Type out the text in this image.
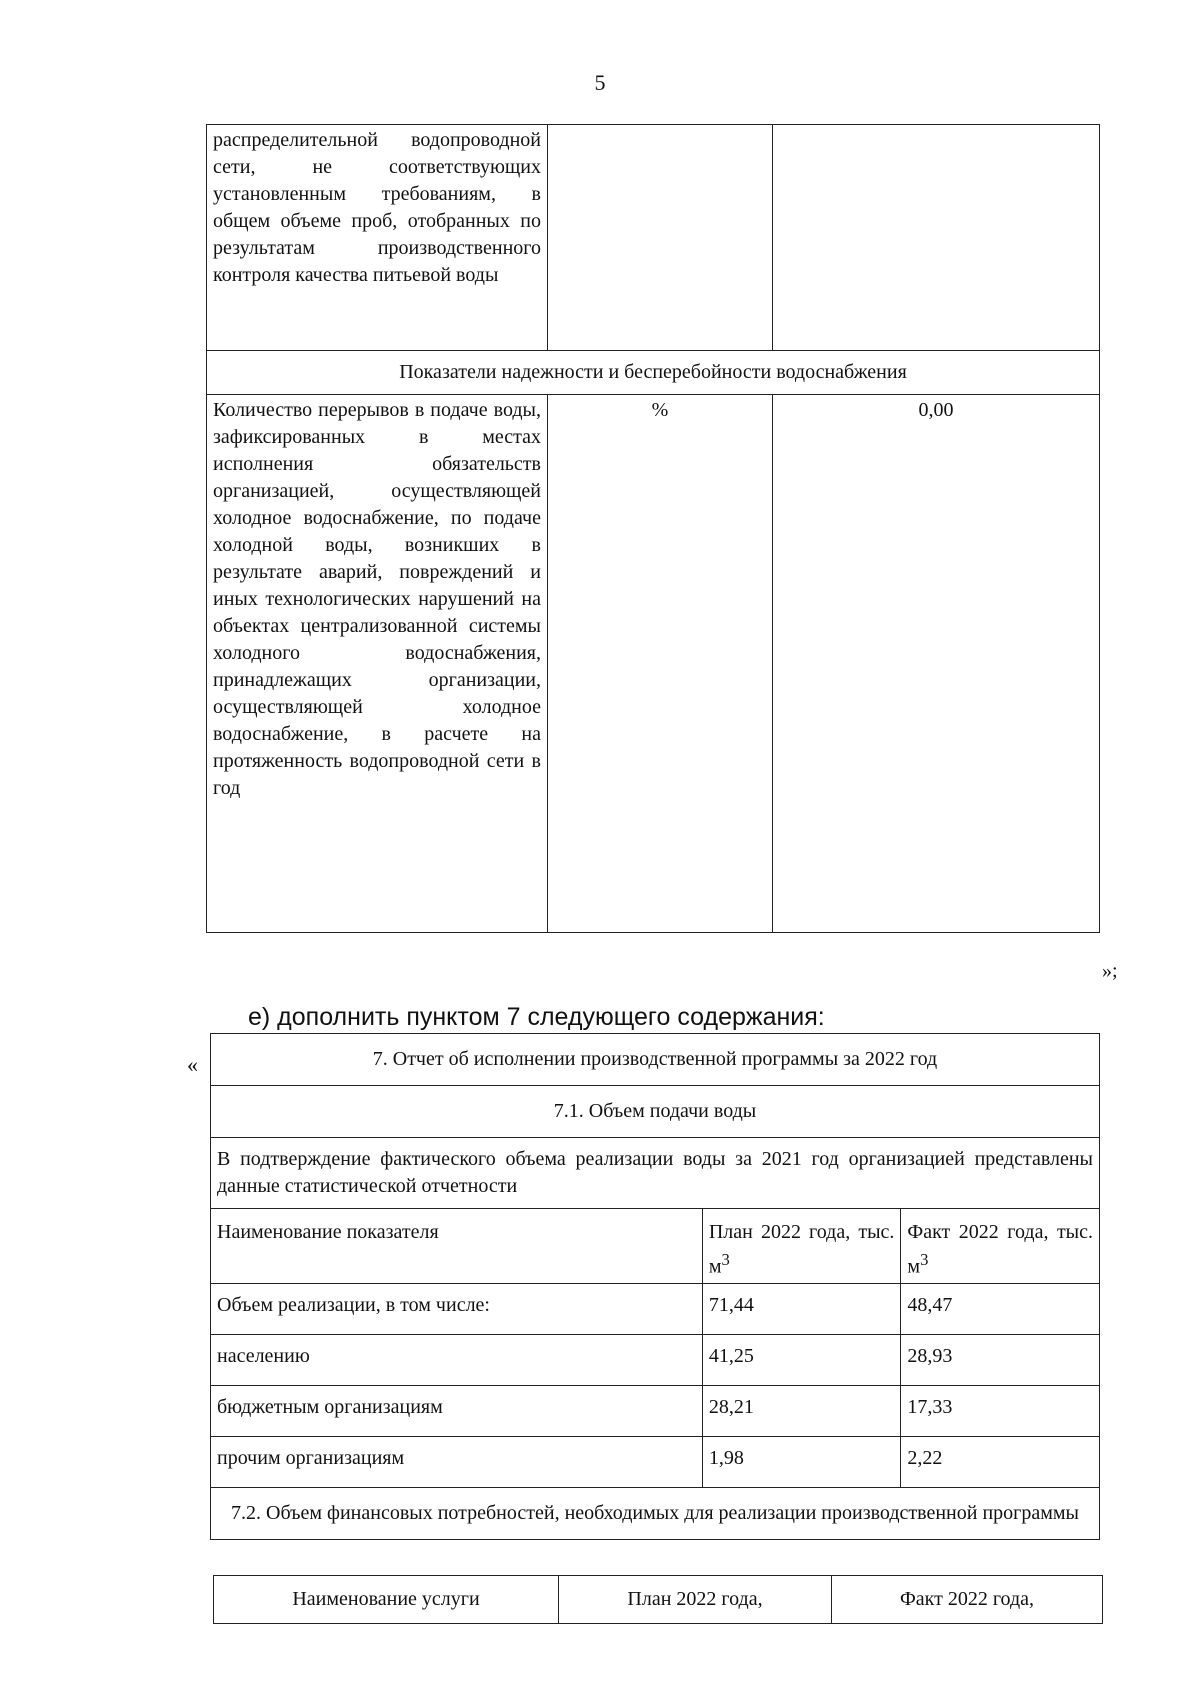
5
распределительной водопроводной сети, не соответствующих установленным требованиям, в общем объеме проб, отобранных по результатам производственного контроля качества питьевой воды		
Показатели надежности и бесперебойности водоснабжения		
Количество перерывов в подаче воды, зафиксированных в местах исполнения обязательств организацией, осуществляющей холодное водоснабжение, по подаче холодной воды, возникших в результате аварий, повреждений и иных технологических нарушений на объектах централизованной системы холодного водоснабжения, принадлежащих организации, осуществляющей холодное водоснабжение, в расчете на протяженность водопроводной сети в год	%	0,00
»;
е) дополнить пунктом 7 следующего содержания:
«	7. Отчет об исполнении производственной программы за 2022 год		
7.1. Объем подачи воды		
В подтверждение фактического объема реализации воды за 2021 год организацией представлены данные статистической отчетности		
Наименование показателя	План 2022 года, тыс. $м^3$	Факт 2022 года, тыс. $м^3$
Объем реализации, в том числе:	71,44	48,47
населению	41,25	28,93
бюджетным организациям	28,21	17,33
прочим организациям	1,98	2,22
7.2. Объем финансовых потребностей, необходимых для реализации производственной программы		
Наименование услуги	План 2022 года,	Факт 2022 года,
